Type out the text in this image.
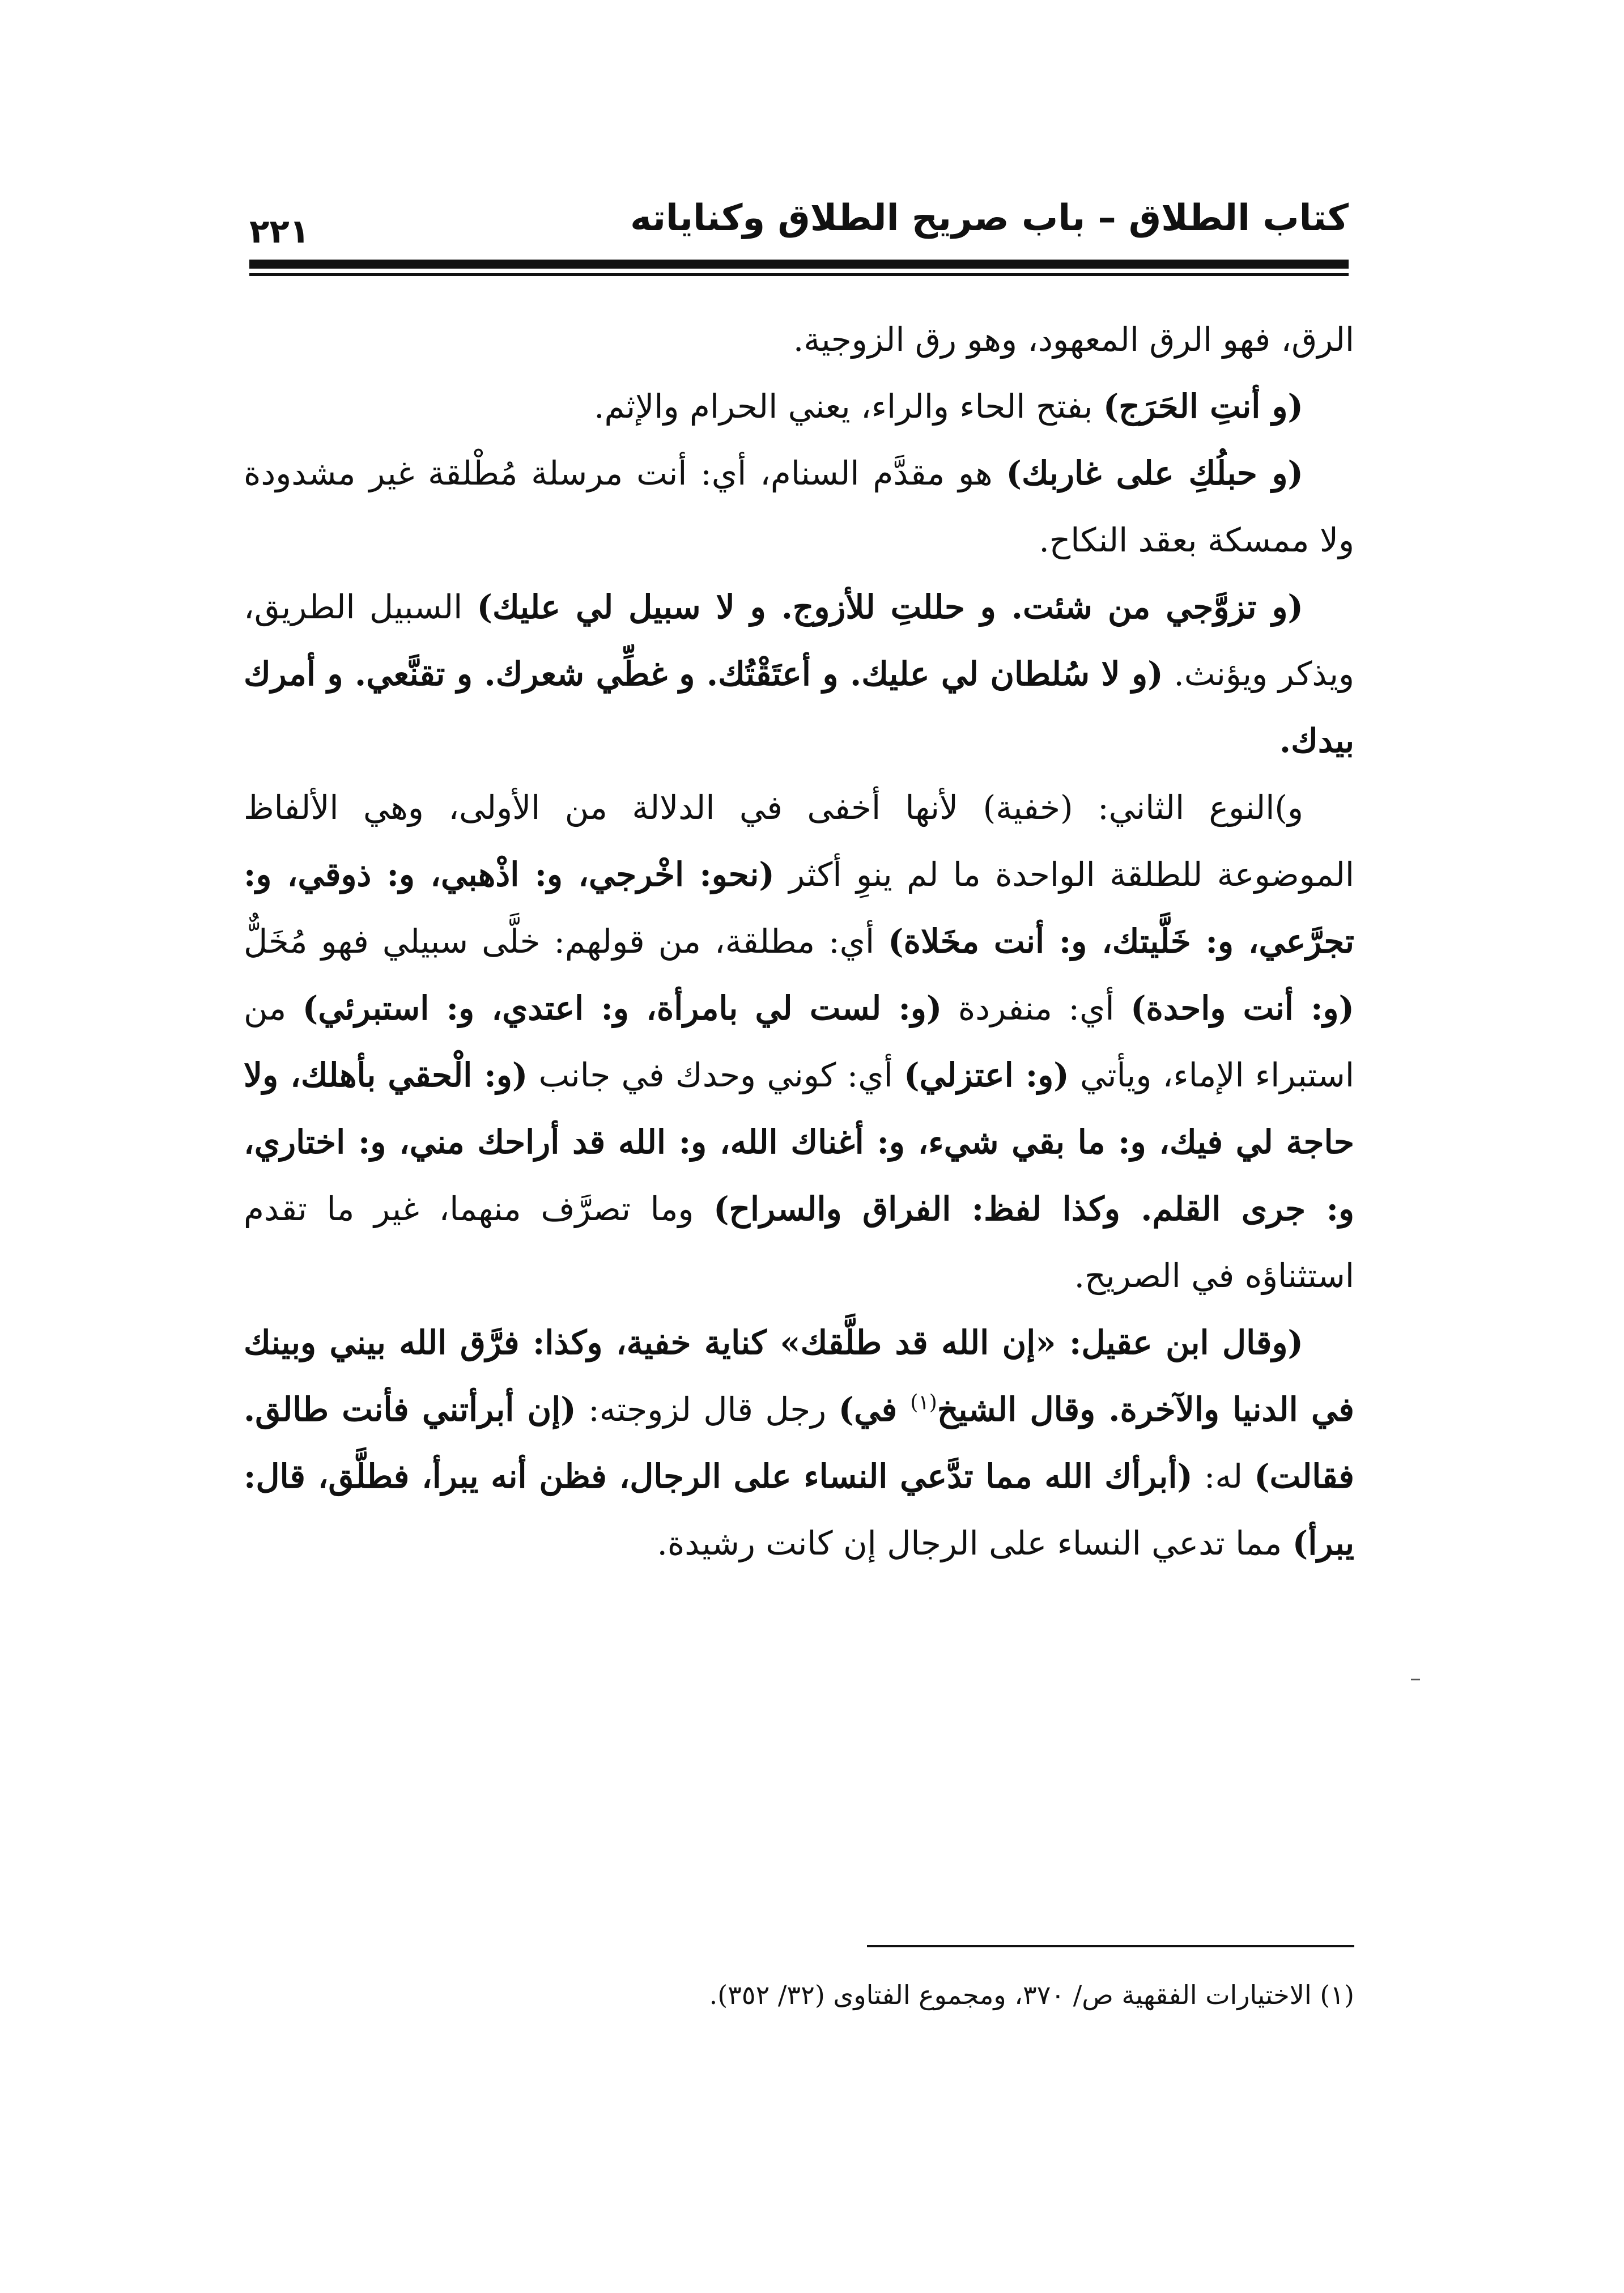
كتاب الطلاق – باب صريح الطلاق وكناياته
٢٢١

الرق، فهو الرق المعهود، وهو رق الزوجية.

(و أنتِ الحَرَج) بفتح الحاء والراء، يعني الحرام والإثم.

(و حبلُكِ على غاربك) هو مقدَّم السنام، أي: أنت مرسلة مُطْلقة غير مشدودة ولا ممسكة بعقد النكاح.

(و تزوَّجي من شئت. و حللتِ للأزوج. و لا سبيل لي عليك) السبيل الطريق، ويذكر ويؤنث. (و لا سُلطان لي عليك. و أعتَقْتُك. و غطِّي شعرك. و تقنَّعي. و أمرك بيدك.

و)النوع الثاني: (خفية) لأنها أخفى في الدلالة من الأولى، وهي الألفاظ الموضوعة للطلقة الواحدة ما لم ينوِ أكثر (نحو: اخْرجي، و: اذْهبي، و: ذوقي، و: تجرَّعي، و: خَلَّيتك، و: أنت مخَلاة) أي: مطلقة، من قولهم: خلَّى سبيلي فهو مُخَلٌّ (و: أنت واحدة) أي: منفردة (و: لست لي بامرأة، و: اعتدي، و: استبرئي) من استبراء الإماء، ويأتي (و: اعتزلي) أي: كوني وحدك في جانب (و: الْحقي بأهلك، ولا حاجة لي فيك، و: ما بقي شيء، و: أغناك الله، و: الله قد أراحك مني، و: اختاري، و: جرى القلم. وكذا لفظ: الفراق والسراح) وما تصرَّف منهما، غير ما تقدم استثناؤه في الصريح.

(وقال ابن عقيل: «إن الله قد طلَّقك» كناية خفية، وكذا: فرَّق الله بيني وبينك في الدنيا والآخرة. وقال الشيخ$^{(١)}$ في) رجل قال لزوجته: (إن أبرأتني فأنت طالق. فقالت) له: (أبرأك الله مما تدَّعي النساء على الرجال، فظن أنه يبرأ، فطلَّق، قال: يبرأ) مما تدعي النساء على الرجال إن كانت رشيدة.

(١) الاختيارات الفقهية ص/ ٣٧٠، ومجموع الفتاوى (٣٢/ ٣٥٢).
